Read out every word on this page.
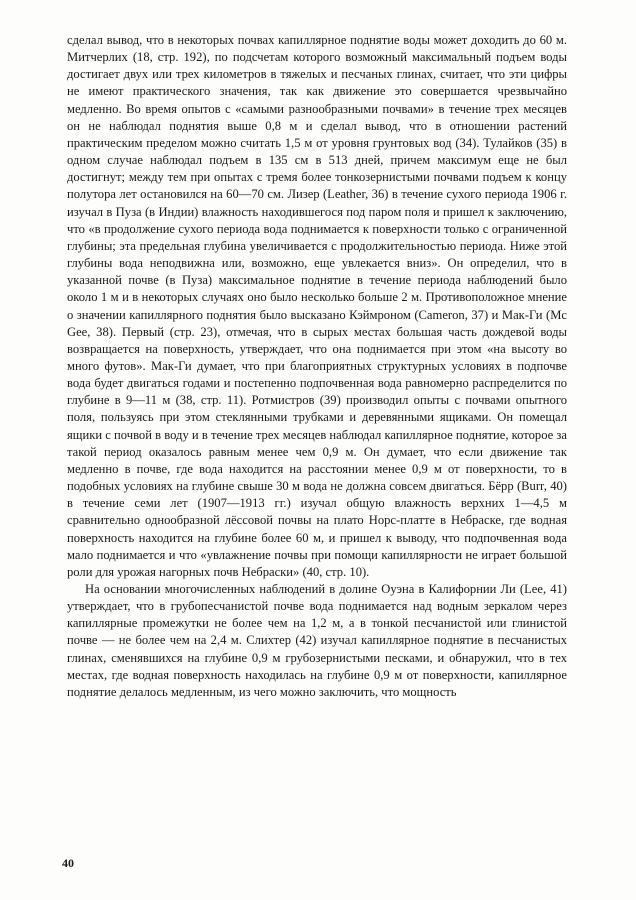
сделал вывод, что в некоторых почвах капиллярное поднятие воды может доходить до 60 м. Митчерлих (18, стр. 192), по подсчетам которого возможный максимальный подъем воды достигает двух или трех километров в тяжелых и песчаных глинах, считает, что эти цифры не имеют практического значения, так как движение это совершается чрезвычайно медленно. Во время опытов с «самыми разнообразными почвами» в течение трех месяцев он не наблюдал поднятия выше 0,8 м и сделал вывод, что в отношении растений практическим пределом можно считать 1,5 м от уровня грунтовых вод (34). Тулайков (35) в одном случае наблюдал подъем в 135 см в 513 дней, причем максимум еще не был достигнут; между тем при опытах с тремя более тонкозернистыми почвами подъем к концу полутора лет остановился на 60—70 см. Лизер (Leather, 36) в течение сухого периода 1906 г. изучал в Пуза (в Индии) влажность находившегося под паром поля и пришел к заключению, что «в продолжение сухого периода вода поднимается к поверхности только с ограниченной глубины; эта предельная глубина увеличивается с продолжительностью периода. Ниже этой глубины вода неподвижна или, возможно, еще увлекается вниз». Он определил, что в указанной почве (в Пуза) максимальное поднятие в течение периода наблюдений было около 1 м и в некоторых случаях оно было несколько больше 2 м. Противоположное мнение о значении капиллярного поднятия было высказано Кэймроном (Cameron, 37) и Мак-Ги (Mc Gee, 38). Первый (стр. 23), отмечая, что в сырых местах большая часть дождевой воды возвращается на поверхность, утверждает, что она поднимается при этом «на высоту во много футов». Мак-Ги думает, что при благоприятных структурных условиях в подпочве вода будет двигаться годами и постепенно подпочвенная вода равномерно распределится по глубине в 9—11 м (38, стр. 11). Ротмистров (39) производил опыты с почвами опытного поля, пользуясь при этом стеклянными трубками и деревянными ящиками. Он помещал ящики с почвой в воду и в течение трех месяцев наблюдал капиллярное поднятие, которое за такой период оказалось равным менее чем 0,9 м. Он думает, что если движение так медленно в почве, где вода находится на расстоянии менее 0,9 м от поверхности, то в подобных условиях на глубине свыше 30 м вода не должна совсем двигаться. Бёрр (Burr, 40) в течение семи лет (1907—1913 гг.) изучал общую влажность верхних 1—4,5 м сравнительно однообразной лёссовой почвы на плато Норс-платте в Небраске, где водная поверхность находится на глубине более 60 м, и пришел к выводу, что подпочвенная вода мало поднимается и что «увлажнение почвы при помощи капиллярности не играет большой роли для урожая нагорных почв Небраски» (40, стр. 10).

На основании многочисленных наблюдений в долине Оуэна в Калифорнии Ли (Lee, 41) утверждает, что в грубопесчанистой почве вода поднимается над водным зеркалом через капиллярные промежутки не более чем на 1,2 м, а в тонкой песчанистой или глинистой почве — не более чем на 2,4 м. Слихтер (42) изучал капиллярное поднятие в песчанистых глинах, сменявшихся на глубине 0,9 м грубозернистыми песками, и обнаружил, что в тех местах, где водная поверхность находилась на глубине 0,9 м от поверхности, капиллярное поднятие делалось медленным, из чего можно заключить, что мощность

40
